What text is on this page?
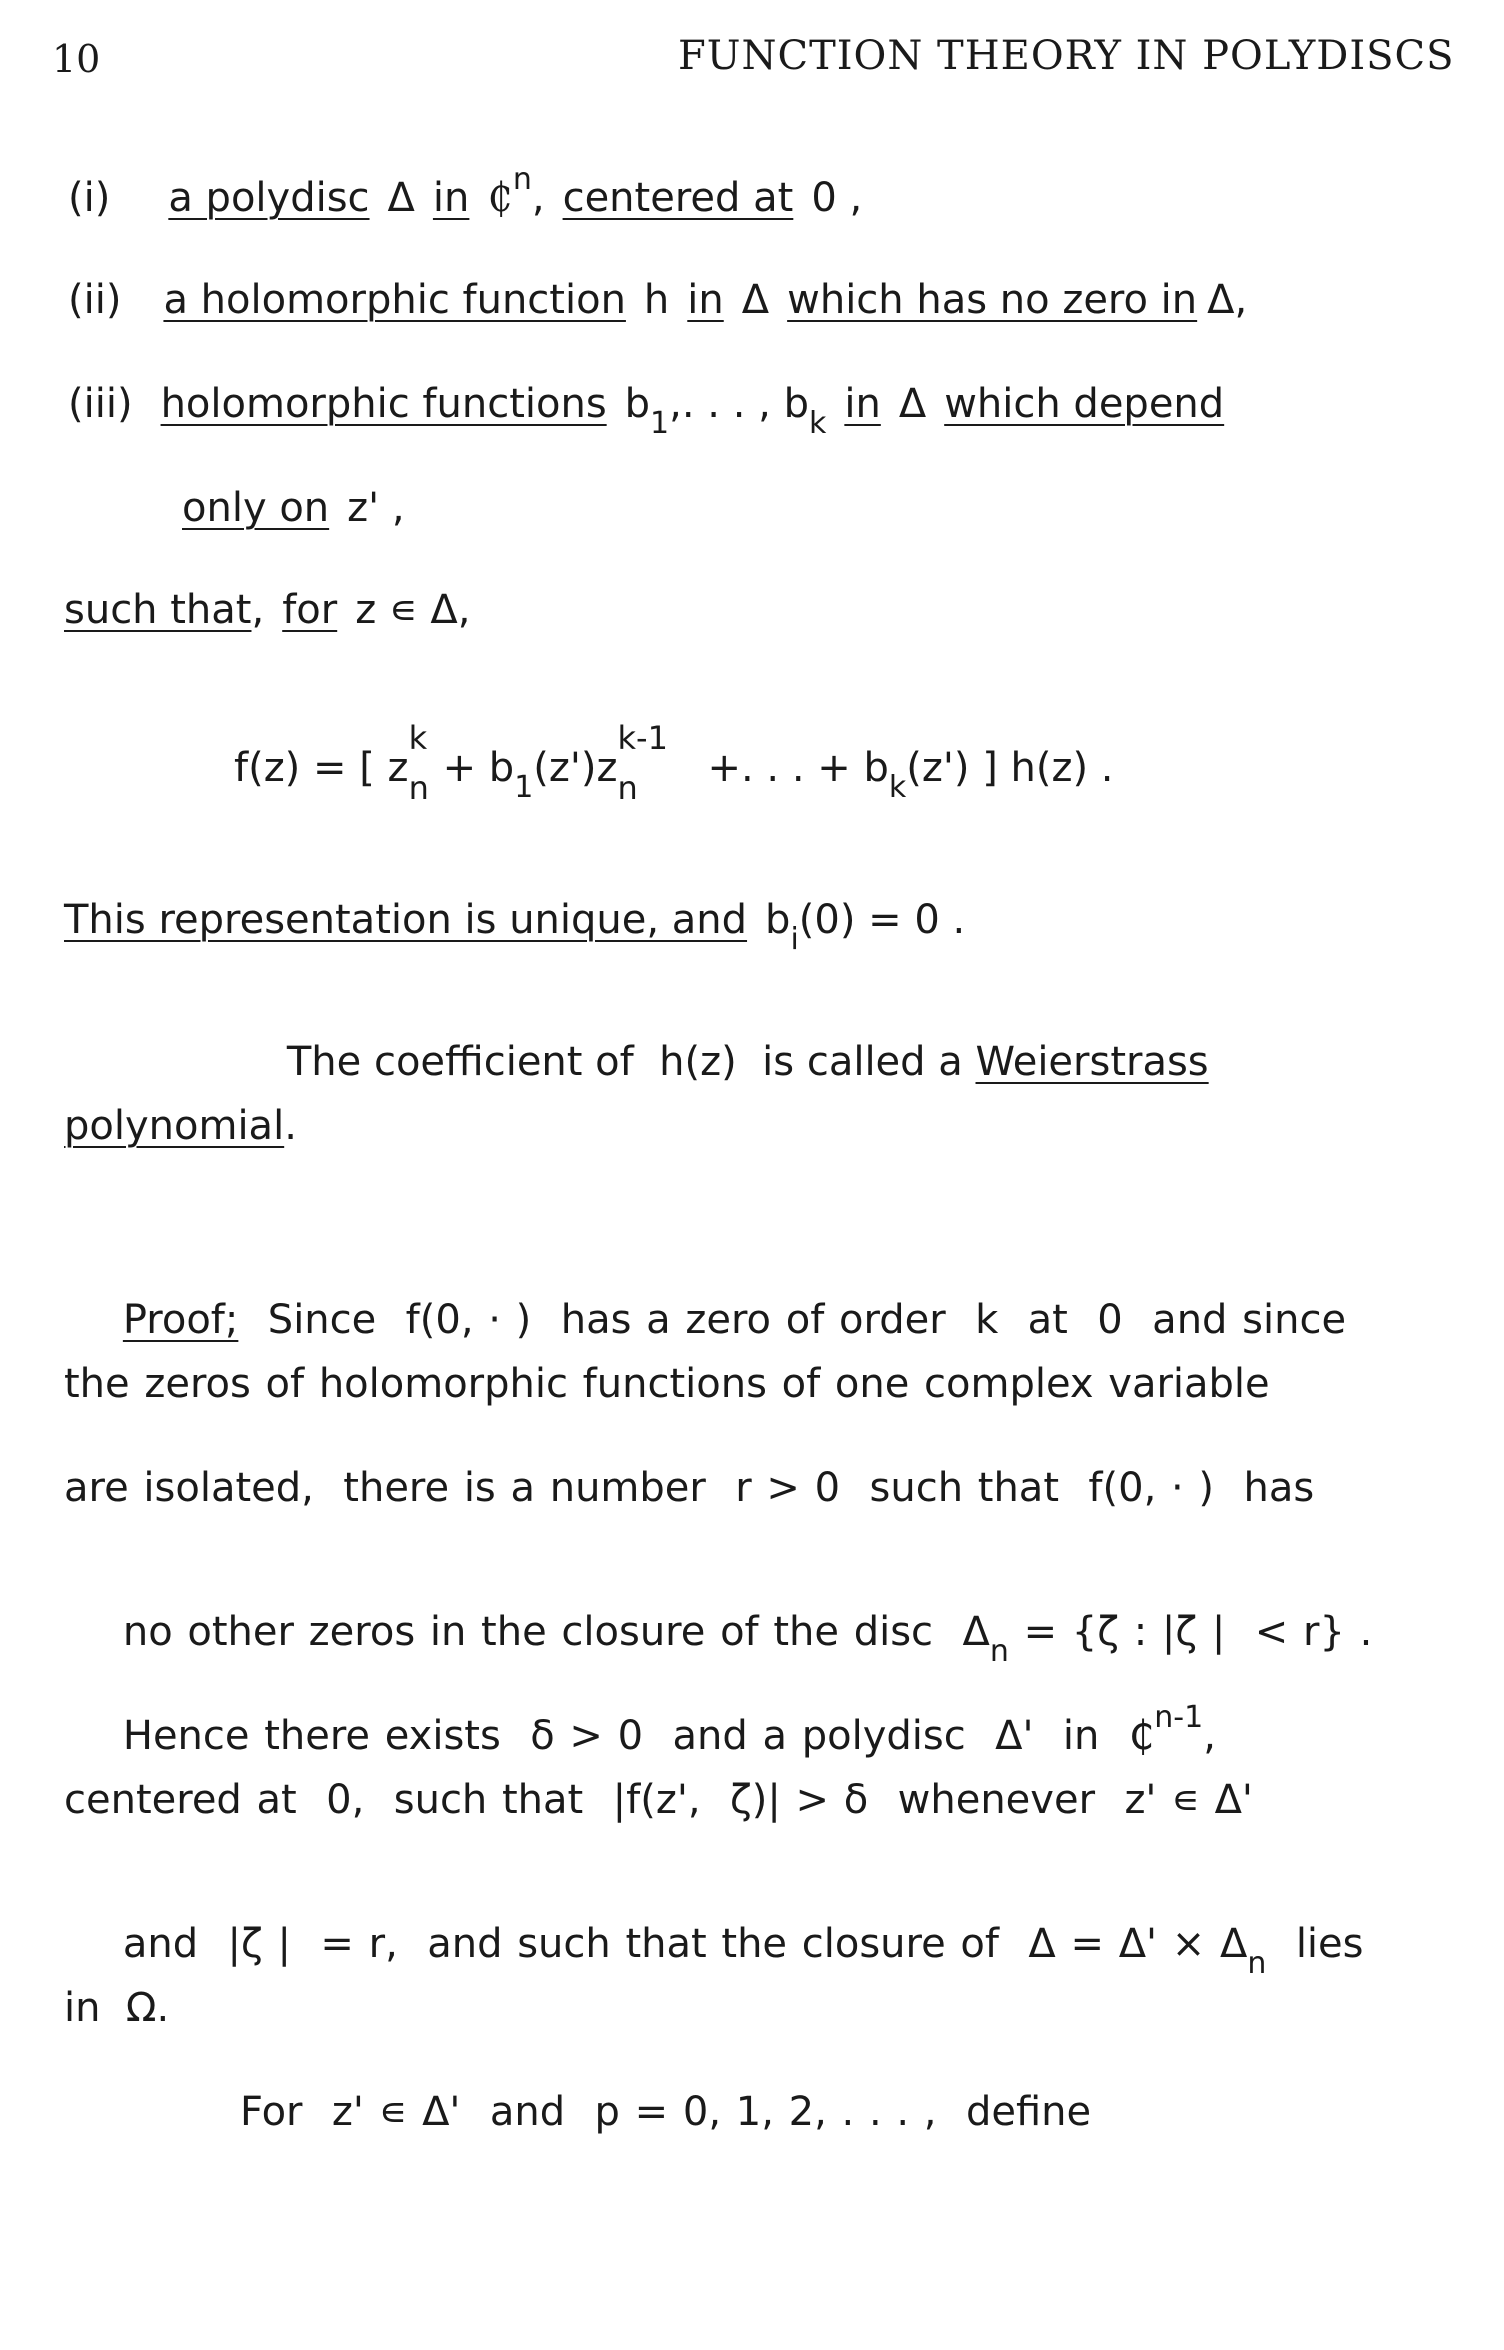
10	FUNCTION THEORY IN POLYDISCS
(i) a polydisc Δ in ₵$^n$, centered at 0 ,
(ii) a holomorphic function h in Δ which has no zero in Δ,
(iii) holomorphic functions $b_1$,. . . , $b_k$ in Δ which depend
only on z' ,
such that, for z ∊ Δ,
f(z) = [ z
k
$n + b_1(z')z$
k-1
n +. . . + $b_k(z')$ ] h(z) .
This representation is unique, and $b_i(0) = 0$ .

The coefficient of  h(z)  is called a Weierstrass

polynomial.

Proof; Since  f(0, · )  has a zero of order  k  at  0  and since

the zeros of holomorphic functions of one complex variable
are isolated,  there is a number  r > 0  such that  f(0, · )  has

no other zeros in the closure of the disc  $\Delta_n = \{\zeta$ : |ζ |  < r} .

Hence there exists  δ > 0  and a polydisc  Δ'  in  ₵$^{n-1}$,

centered at  0,  such that  |f(z',  ζ)| > δ  whenever  z' ∊ Δ'

and  |ζ |  = r,  and such that the closure of  $\Delta = \Delta' \times \Delta_n$  lies

in  Ω.
For  z' ∊ Δ'  and  p = 0, 1, 2, . . . ,  define
